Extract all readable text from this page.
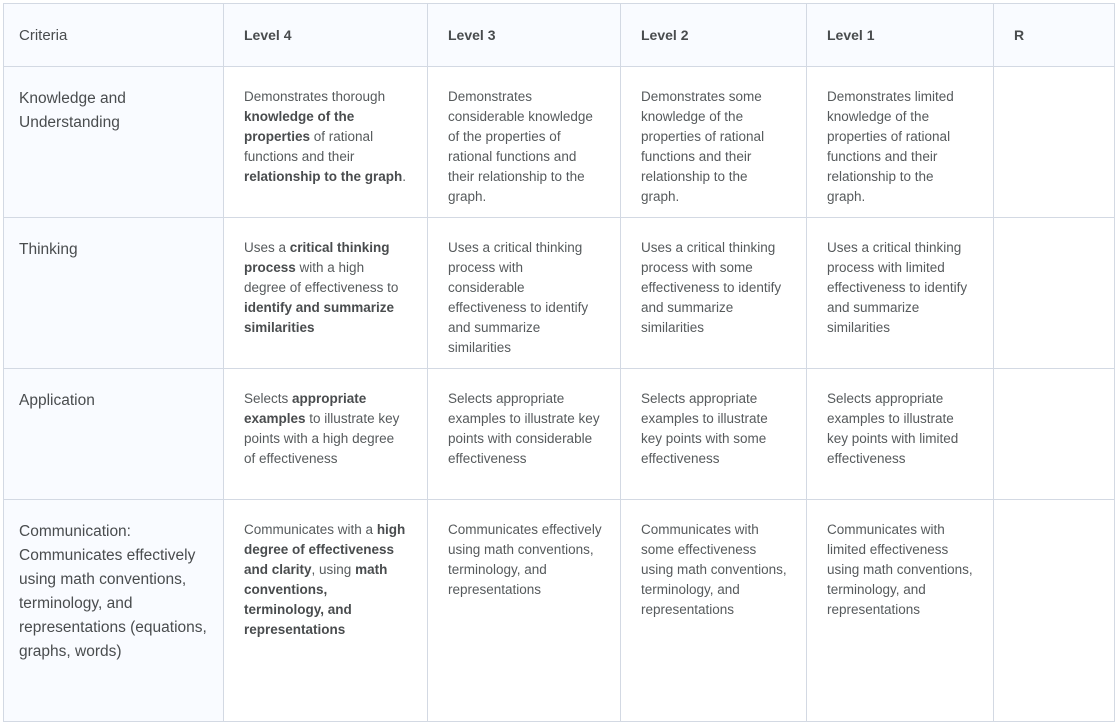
Criteria	Level 4	Level 3	Level 2	Level 1	R
Knowledge and Understanding	Demonstrates thorough knowledge of the properties of rational functions and their relationship to the graph.	Demonstrates considerable knowledge of the properties of rational functions and their relationship to the graph.	Demonstrates some knowledge of the properties of rational functions and their relationship to the graph.	Demonstrates limited knowledge of the properties of rational functions and their relationship to the graph.	
Thinking	Uses a critical thinking process with a high degree of effectiveness to identify and summarize similarities	Uses a critical thinking process with considerable effectiveness to identify and summarize similarities	Uses a critical thinking process with some effectiveness to identify and summarize similarities	Uses a critical thinking process with limited effectiveness to identify and summarize similarities	
Application	Selects appropriate examples to illustrate key points with a high degree of effectiveness	Selects appropriate examples to illustrate key points with considerable effectiveness	Selects appropriate examples to illustrate key points with some effectiveness	Selects appropriate examples to illustrate key points with limited effectiveness	
Communication: Communicates effectively using math conventions, terminology, and representations (equations, graphs, words)	Communicates with a high degree of effectiveness and clarity, using math conventions, terminology, and representations	Communicates effectively using math conventions, terminology, and representations	Communicates with some effectiveness using math conventions, terminology, and representations	Communicates with limited effectiveness using math conventions, terminology, and representations	
